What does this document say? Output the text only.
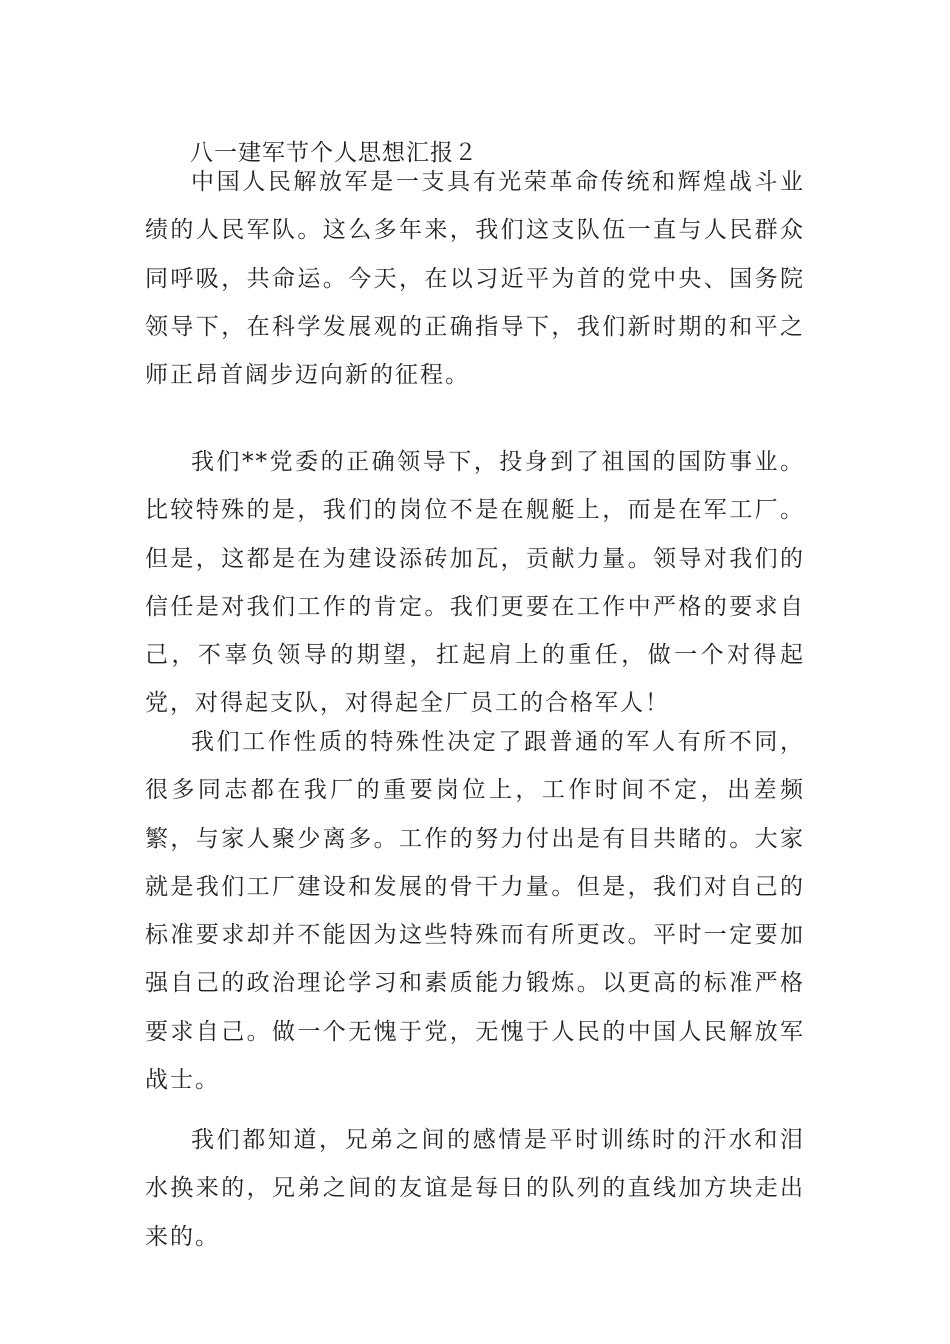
八一建军节个人思想汇报２

中国人民解放军是一支具有光荣革命传统和辉煌战斗业绩的人民军队。这么多年来，我们这支队伍一直与人民群众同呼吸，共命运。今天，在以习近平为首的党中央、国务院领导下，在科学发展观的正确指导下，我们新时期的和平之师正昂首阔步迈向新的征程。

我们**党委的正确领导下，投身到了祖国的国防事业。比较特殊的是，我们的岗位不是在舰艇上，而是在军工厂。但是，这都是在为建设添砖加瓦，贡献力量。领导对我们的信任是对我们工作的肯定。我们更要在工作中严格的要求自己，不辜负领导的期望，扛起肩上的重任，做一个对得起党，对得起支队，对得起全厂员工的合格军人！

我们工作性质的特殊性决定了跟普通的军人有所不同，很多同志都在我厂的重要岗位上，工作时间不定，出差频繁，与家人聚少离多。工作的努力付出是有目共睹的。大家就是我们工厂建设和发展的骨干力量。但是，我们对自己的标准要求却并不能因为这些特殊而有所更改。平时一定要加强自己的政治理论学习和素质能力锻炼。以更高的标准严格要求自己。做一个无愧于党，无愧于人民的中国人民解放军战士。

我们都知道，兄弟之间的感情是平时训练时的汗水和泪水换来的，兄弟之间的友谊是每日的队列的直线加方块走出来的。
